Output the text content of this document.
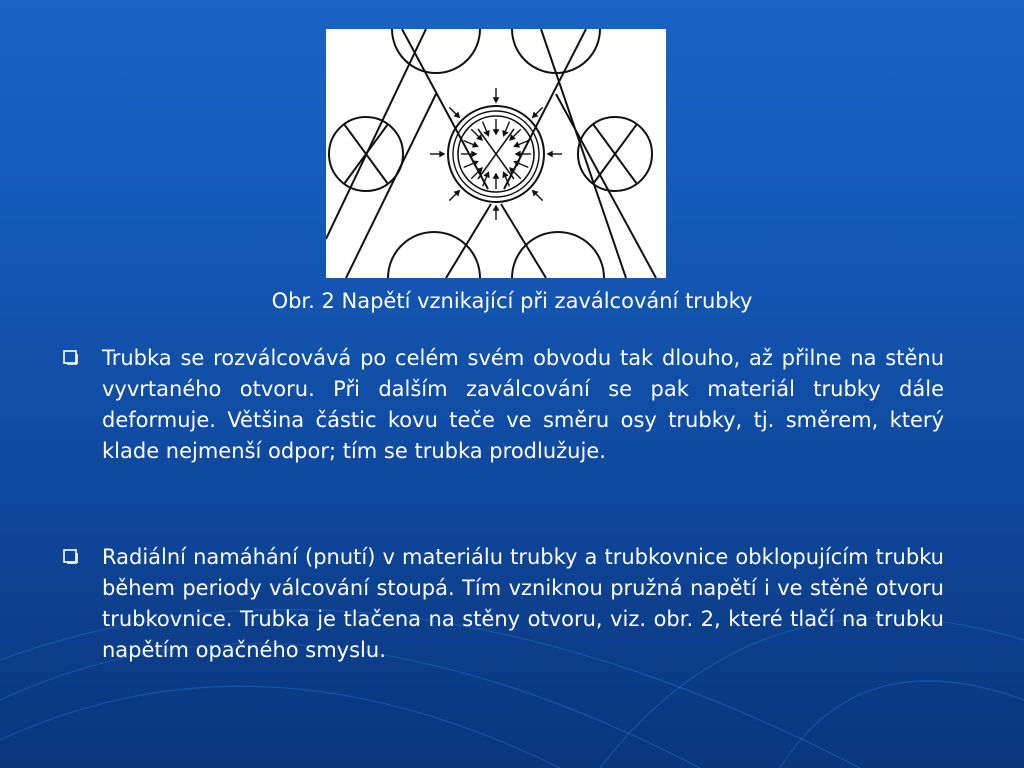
Obr. 2 Napětí vznikající při zaválcování trubky
Trubka se rozválcovává po celém svém obvodu tak dlouho, až přilne na stěnu vyvrtaného otvoru. Při dalším zaválcování se pak materiál trubky dále deformuje. Většina částic kovu teče ve směru osy trubky, tj. směrem, který klade nejmenší odpor; tím se trubka prodlužuje.
Radiální namáhání (pnutí) v materiálu trubky a trubkovnice obklopujícím trubku během periody válcování stoupá. Tím vzniknou pružná napětí i ve stěně otvoru trubkovnice. Trubka je tlačena na stěny otvoru, viz. obr. 2, které tlačí na trubku napětím opačného smyslu.
